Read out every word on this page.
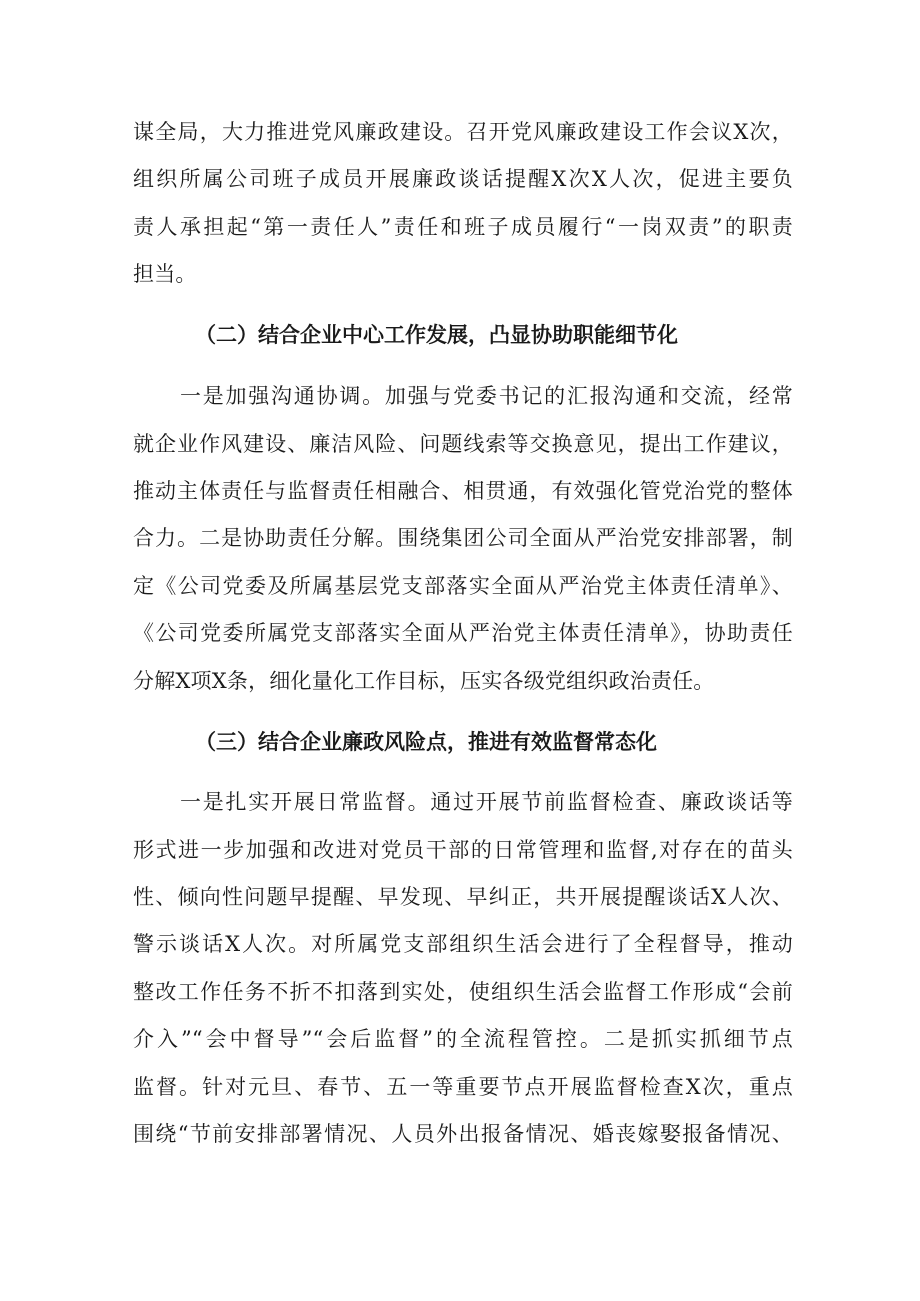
谋全局，大力推进党风廉政建设。召开党风廉政建设工作会议X次，
组织所属公司班子成员开展廉政谈话提醒X次X人次，促进主要负
责人承担起“第一责任人”责任和班子成员履行“一岗双责”的职责
担当。
（二）结合企业中心工作发展，凸显协助职能细节化
一是加强沟通协调。加强与党委书记的汇报沟通和交流，经常
就企业作风建设、廉洁风险、问题线索等交换意见，提出工作建议，
推动主体责任与监督责任相融合、相贯通，有效强化管党治党的整体
合力。二是协助责任分解。围绕集团公司全面从严治党安排部署，制
定《公司党委及所属基层党支部落实全面从严治党主体责任清单》、
《公司党委所属党支部落实全面从严治党主体责任清单》，协助责任
分解X项X条，细化量化工作目标，压实各级党组织政治责任。
（三）结合企业廉政风险点，推进有效监督常态化
一是扎实开展日常监督。通过开展节前监督检查、廉政谈话等
形式进一步加强和改进对党员干部的日常管理和监督,对存在的苗头
性、倾向性问题早提醒、早发现、早纠正，共开展提醒谈话X人次、
警示谈话X人次。对所属党支部组织生活会进行了全程督导，推动
整改工作任务不折不扣落到实处，使组织生活会监督工作形成“会前
介入”“会中督导”“会后监督”的全流程管控。二是抓实抓细节点
监督。针对元旦、春节、五一等重要节点开展监督检查X次，重点
围绕“节前安排部署情况、人员外出报备情况、婚丧嫁娶报备情况、
